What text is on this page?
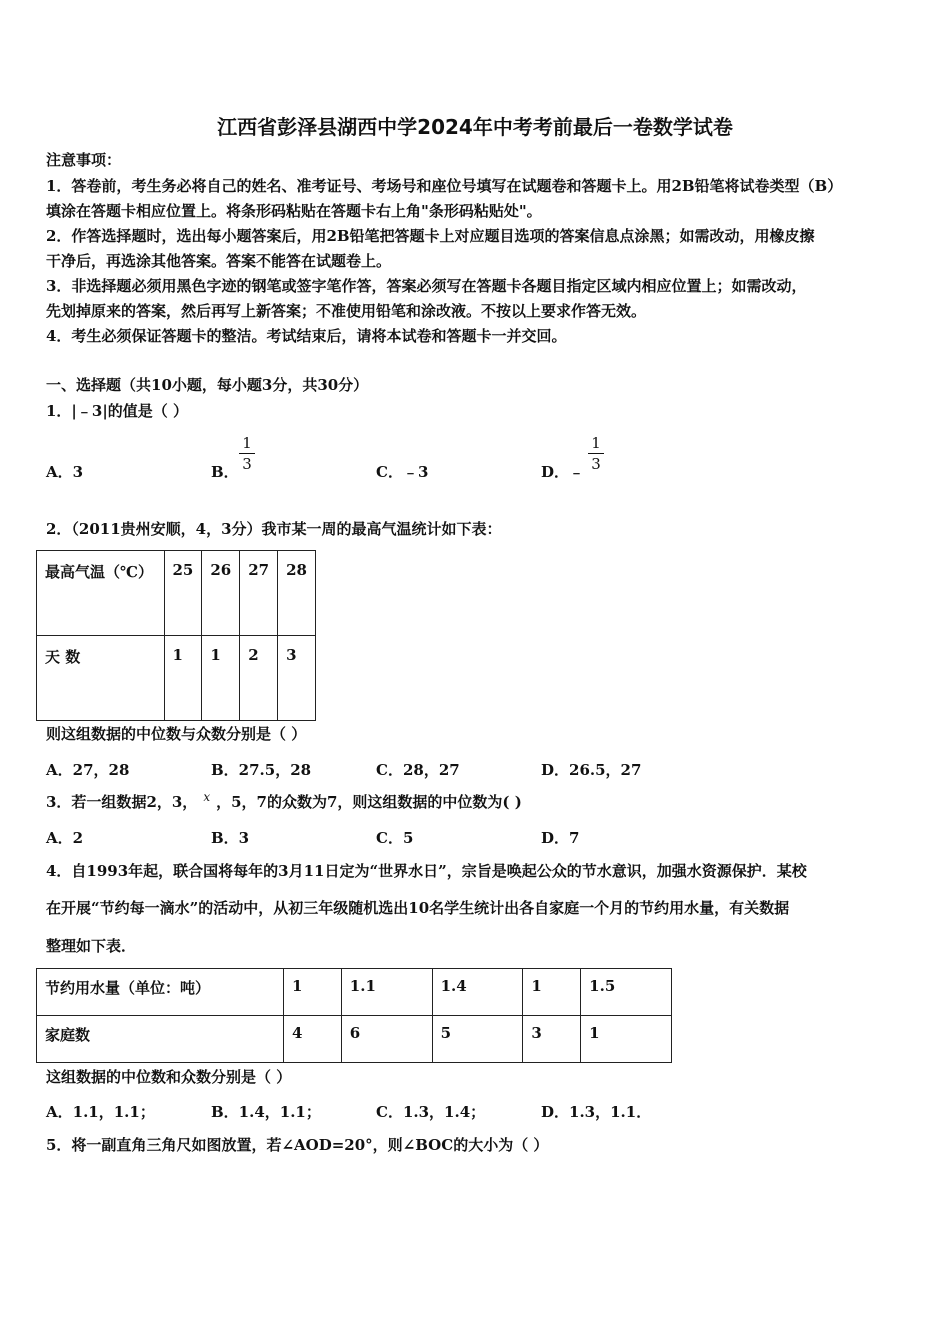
江西省彭泽县湖西中学2024年中考考前最后一卷数学试卷
注意事项：
1．答卷前，考生务必将自己的姓名、准考证号、考场号和座位号填写在试题卷和答题卡上。用2B铅笔将试卷类型（B）
填涂在答题卡相应位置上。将条形码粘贴在答题卡右上角"条形码粘贴处"。
2．作答选择题时，选出每小题答案后，用2B铅笔把答题卡上对应题目选项的答案信息点涂黑；如需改动，用橡皮擦
干净后，再选涂其他答案。答案不能答在试题卷上。
3．非选择题必须用黑色字迹的钢笔或签字笔作答，答案必须写在答题卡各题目指定区域内相应位置上；如需改动，
先划掉原来的答案，然后再写上新答案；不准使用铅笔和涂改液。不按以上要求作答无效。
4．考生必须保证答题卡的整洁。考试结束后，请将本试卷和答题卡一并交回。
一、选择题（共10小题，每小题3分，共30分）
1．|﹣3|的值是（ ）
A．3	B．
1
3	C．﹣3	D．﹣
1
3
2．（2011贵州安顺，4，3分）我市某一周的最高气温统计如下表：
最高气温（℃）	25	26	27	28
天 数	1	1	2	3
则这组数据的中位数与众数分别是（ ）
A．27，28	B．27.5，28	C．28，27	D．26.5，27
3．若一组数据2，3， $^x$ ，5，7的众数为7，则这组数据的中位数为( )
A．2	B．3	C．5	D．7
4．自1993年起，联合国将每年的3月11日定为“世界水日”，宗旨是唤起公众的节水意识，加强水资源保护．某校
在开展“节约每一滴水”的活动中，从初三年级随机选出10名学生统计出各自家庭一个月的节约用水量，有关数据
整理如下表．
节约用水量（单位：吨）	1	1.1	1.4	1	1.5
家庭数	4	6	5	3	1
这组数据的中位数和众数分别是（ ）
A．1.1，1.1；	B．1.4，1.1；	C．1.3，1.4；	D．1.3，1.1．
5．将一副直角三角尺如图放置，若∠AOD=20°，则∠BOC的大小为（ ）
